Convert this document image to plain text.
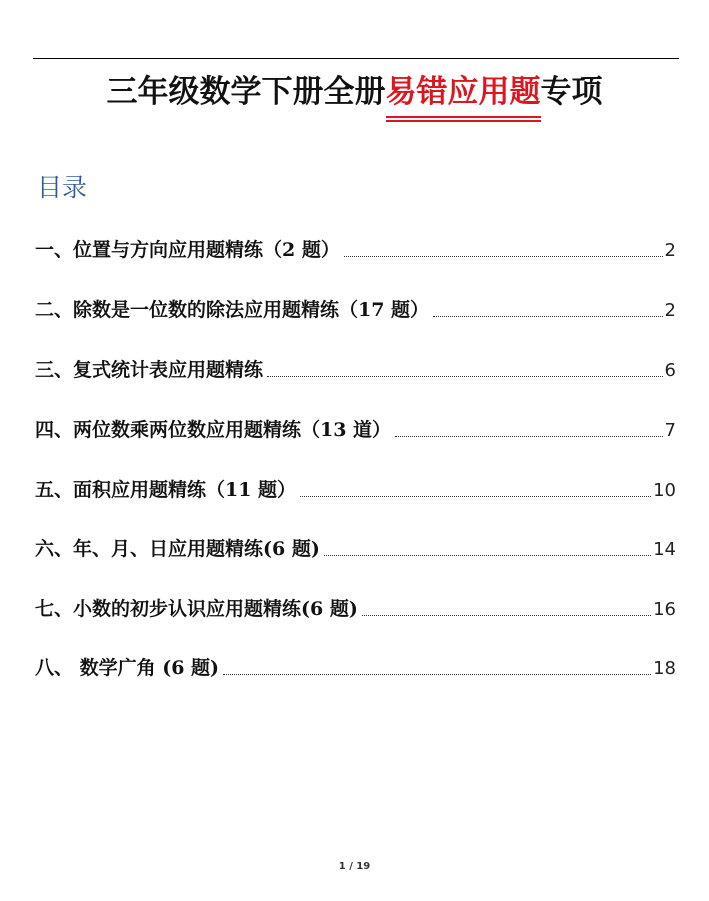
三年级数学下册全册易错应用题专项
目录
一、位置与方向应用题精练（2 题）	2
二、除数是一位数的除法应用题精练（17 题）	2
三、复式统计表应用题精练	6
四、两位数乘两位数应用题精练（13 道）	7
五、面积应用题精练（11 题）	10
六、年、月、日应用题精练(6 题)	14
七、小数的初步认识应用题精练(6 题)	16
八、 数学广角 (6 题)	18
1 / 19
